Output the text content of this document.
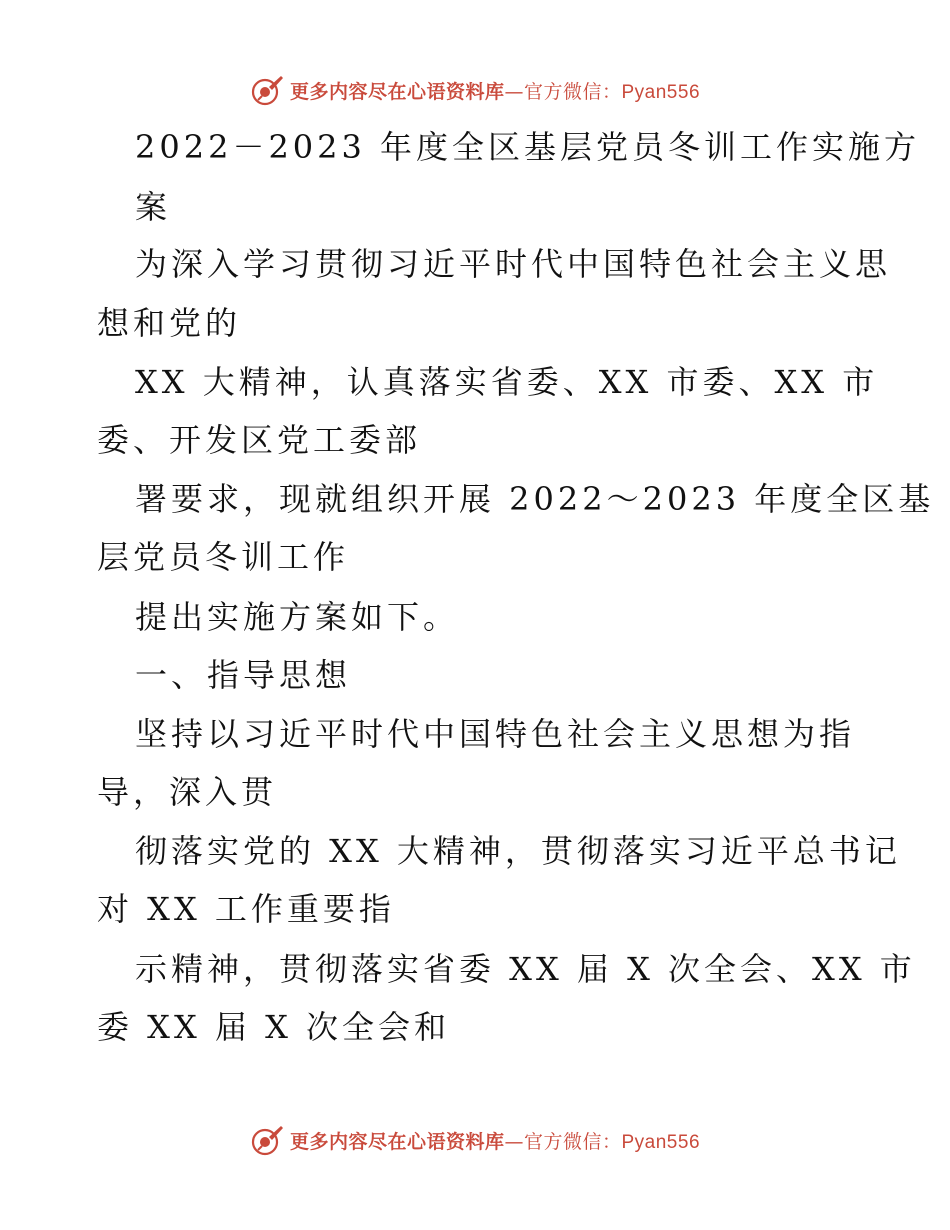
更多内容尽在心语资料库—官方微信：Pyan556
2022－2023 年度全区基层党员冬训工作实施方
案
为深入学习贯彻习近平时代中国特色社会主义思
想和党的
XX 大精神，认真落实省委、XX 市委、XX 市
委、开发区党工委部
署要求，现就组织开展 2022～2023 年度全区基
层党员冬训工作
提出实施方案如下。
一、指导思想
坚持以习近平时代中国特色社会主义思想为指
导，深入贯
彻落实党的 XX 大精神，贯彻落实习近平总书记
对 XX 工作重要指
示精神，贯彻落实省委 XX 届 X 次全会、XX 市
委 XX 届 X 次全会和
更多内容尽在心语资料库—官方微信：Pyan556
